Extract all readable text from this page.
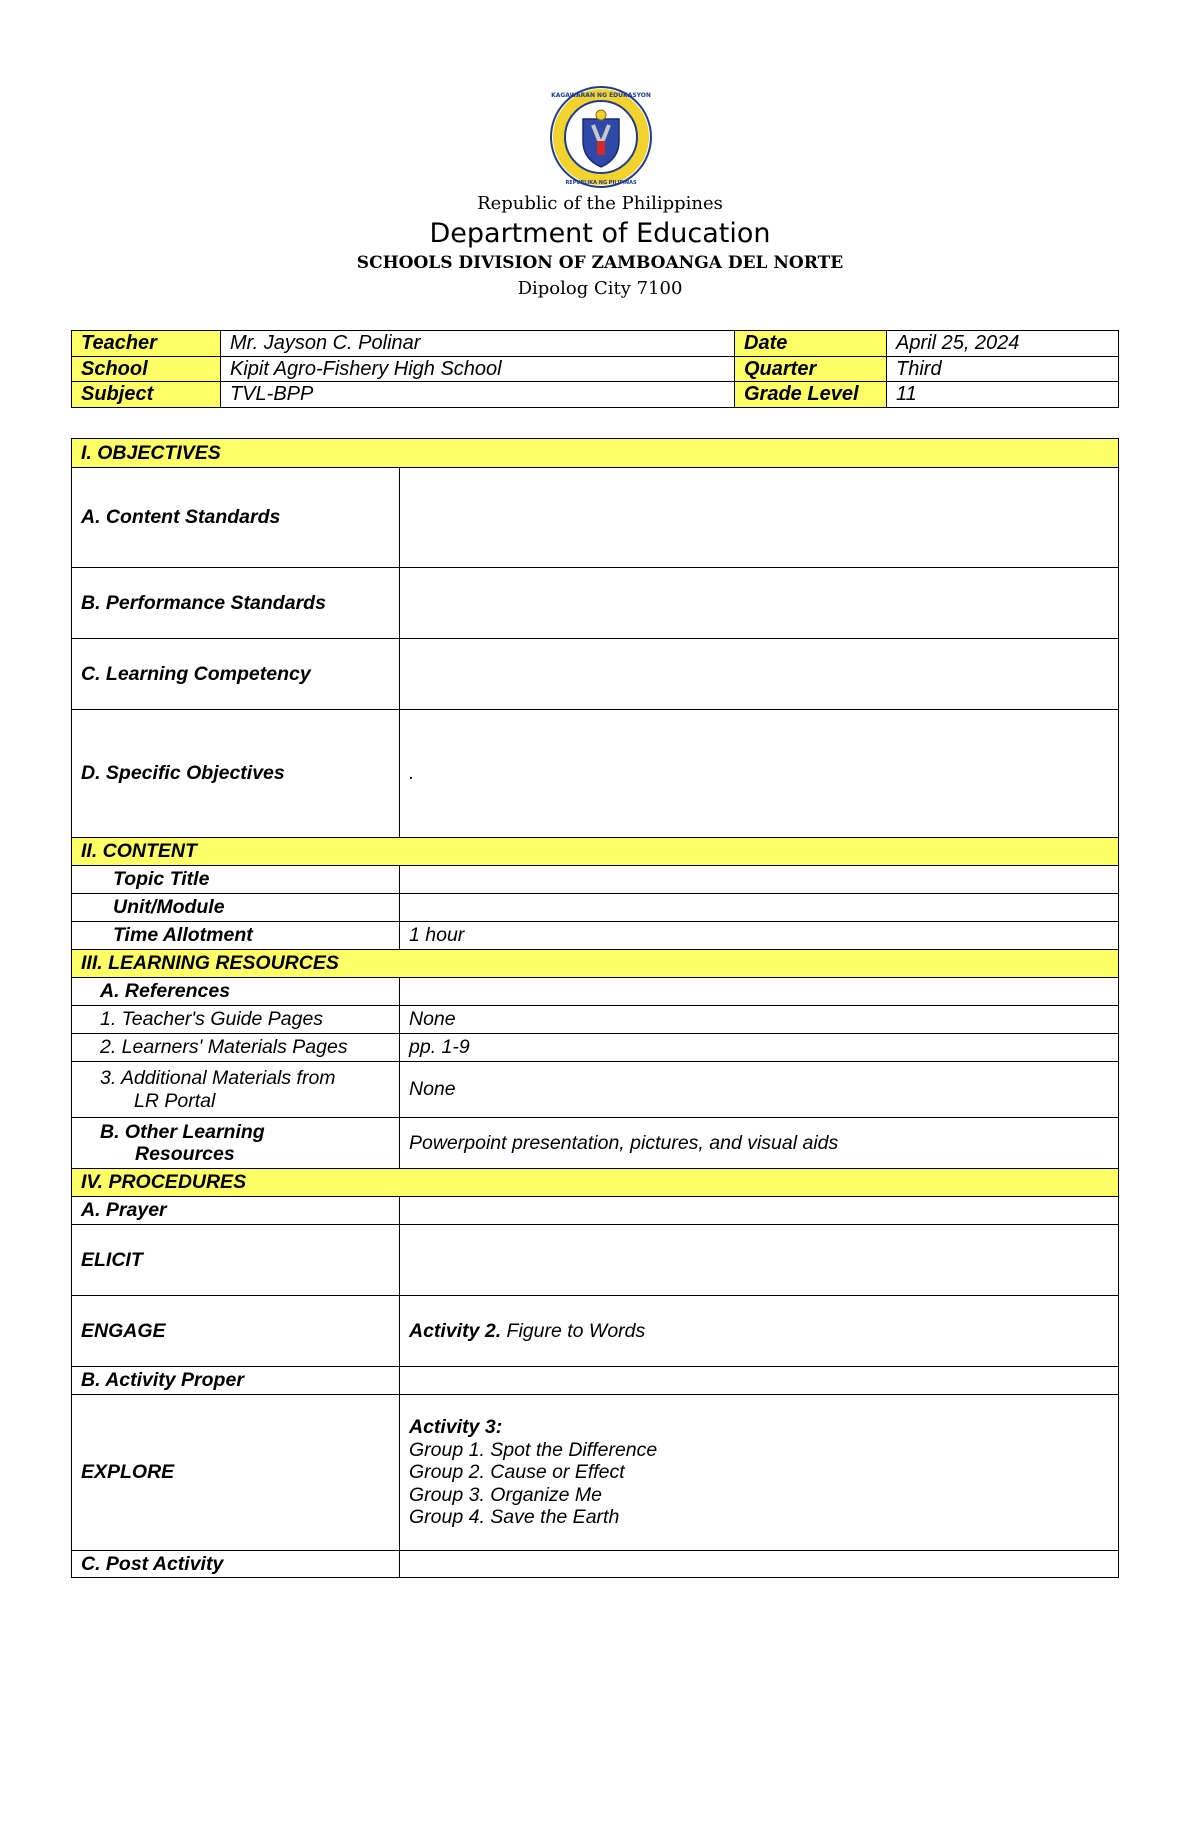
KAGAWARAN NG EDUKASYON
REPUBLIKA NG PILIPINAS
Republic of the Philippines
Department of Education
SCHOOLS DIVISION OF ZAMBOANGA DEL NORTE
Dipolog City 7100
Teacher	Mr. Jayson C. Polinar	Date	April 25, 2024
School	Kipit Agro-Fishery High School	Quarter	Third
Subject	TVL-BPP	Grade Level	11
I. OBJECTIVES	
A. Content Standards	
B. Performance Standards	
C. Learning Competency	
D. Specific Objectives	.
II. CONTENT	
Topic Title	
Unit/Module	
Time Allotment	1 hour
III. LEARNING RESOURCES	
A. References	
1. Teacher's Guide Pages	None
2. Learners' Materials Pages	pp. 1-9

3. Additional Materials from
LR Portal	None

B. Other Learning
Resources	Powerpoint presentation, pictures, and visual aids
IV. PROCEDURES	
A. Prayer	
ELICIT	
ENGAGE	Activity 2. Figure to Words
B. Activity Proper	
EXPLORE	Activity 3:
Group 1. Spot the Difference
Group 2. Cause or Effect
Group 3. Organize Me
Group 4. Save the Earth

C. Post Activity	
